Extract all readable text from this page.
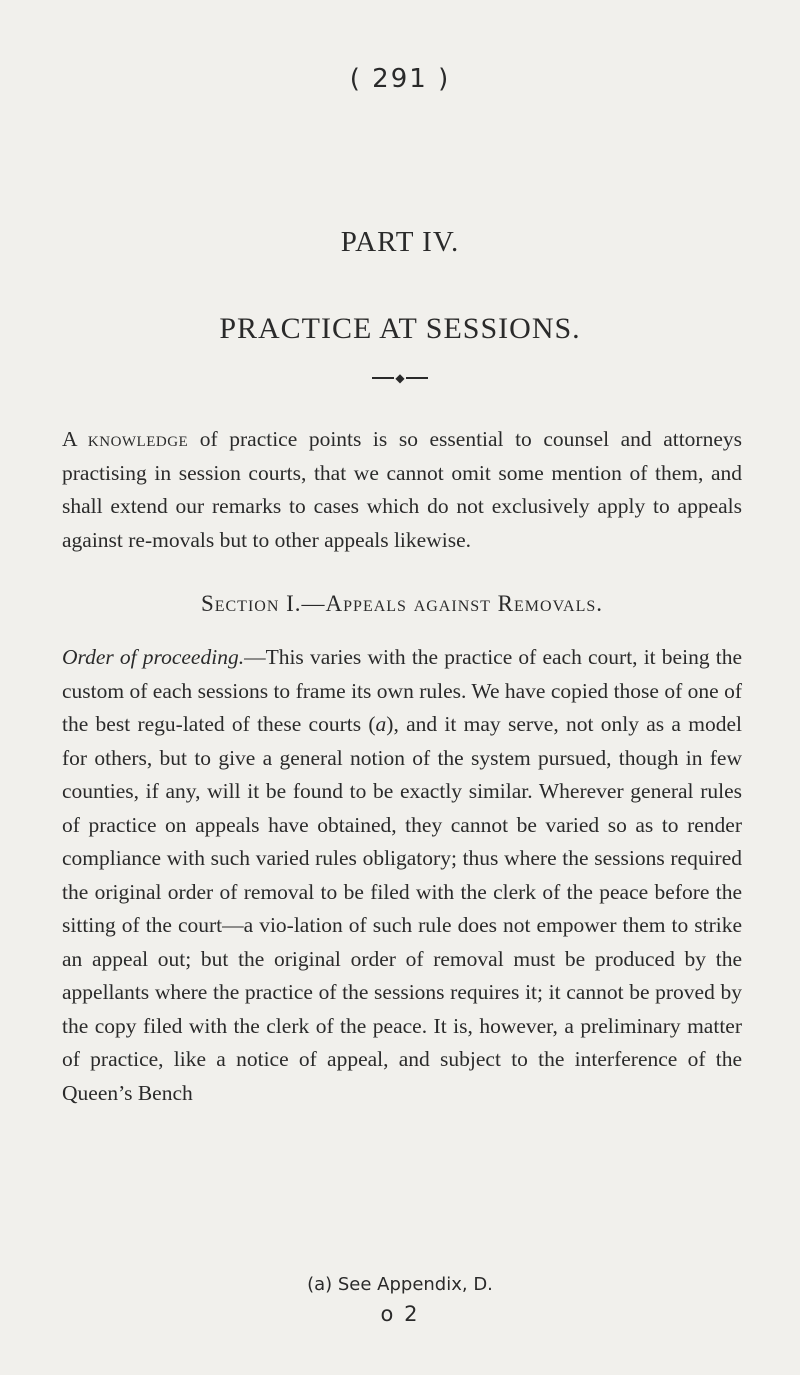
( 291 )
PART IV.
PRACTICE AT SESSIONS.
◆
A knowledge of practice points is so essential to counsel and attorneys practising in session courts, that we cannot omit some mention of them, and shall extend our remarks to cases which do not exclusively apply to appeals against re-movals but to other appeals likewise.
Section I.—Appeals against Removals.
Order of proceeding.—This varies with the practice of each court, it being the custom of each sessions to frame its own rules. We have copied those of one of the best regu-lated of these courts (a), and it may serve, not only as a model for others, but to give a general notion of the system pursued, though in few counties, if any, will it be found to be exactly similar. Wherever general rules of practice on appeals have obtained, they cannot be varied so as to render compliance with such varied rules obligatory; thus where the sessions required the original order of removal to be filed with the clerk of the peace before the sitting of the court—a vio-lation of such rule does not empower them to strike an appeal out; but the original order of removal must be produced by the appellants where the practice of the sessions requires it; it cannot be proved by the copy filed with the clerk of the peace. It is, however, a preliminary matter of practice, like a notice of appeal, and subject to the interference of the Queen’s Bench
(a) See Appendix, D.
o 2
